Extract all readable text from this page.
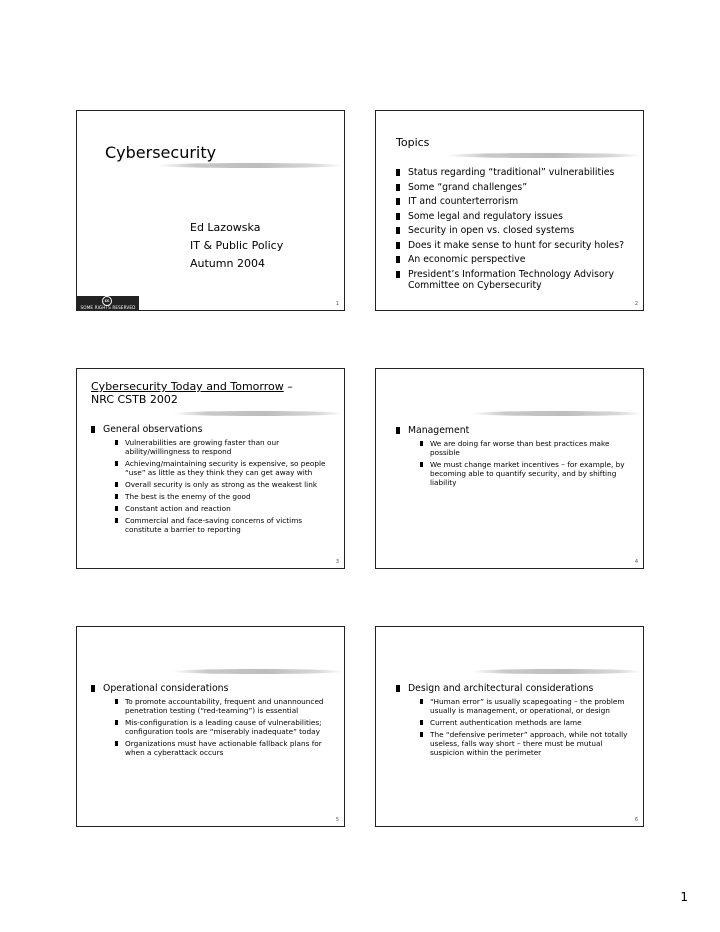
Cybersecurity
Ed Lazowska
IT & Public Policy
Autumn 2004
cc
SOME RIGHTS RESERVED
1
Topics
Status regarding “traditional” vulnerabilities
Some “grand challenges”
IT and counterterrorism
Some legal and regulatory issues
Security in open vs. closed systems
Does it make sense to hunt for security holes?
An economic perspective
President’s Information Technology Advisory Committee on Cybersecurity
2
Cybersecurity Today and Tomorrow –
NRC CSTB 2002
General observations
Vulnerabilities are growing faster than our ability/willingness to respond
Achieving/maintaining security is expensive, so people “use” as little as they think they can get away with
Overall security is only as strong as the weakest link
The best is the enemy of the good
Constant action and reaction
Commercial and face-saving concerns of victims constitute a barrier to reporting
3
Management
We are doing far worse than best practices make possible
We must change market incentives – for example, by becoming able to quantify security, and by shifting liability
4
Operational considerations
To promote accountability, frequent and unannounced penetration testing (“red-teaming”) is essential
Mis-configuration is a leading cause of vulnerabilities; configuration tools are “miserably inadequate” today
Organizations must have actionable fallback plans for when a cyberattack occurs
5
Design and architectural considerations
“Human error” is usually scapegoating – the problem usually is management, or operational, or design
Current authentication methods are lame
The “defensive perimeter” approach, while not totally useless, falls way short – there must be mutual suspicion within the perimeter
6
1
